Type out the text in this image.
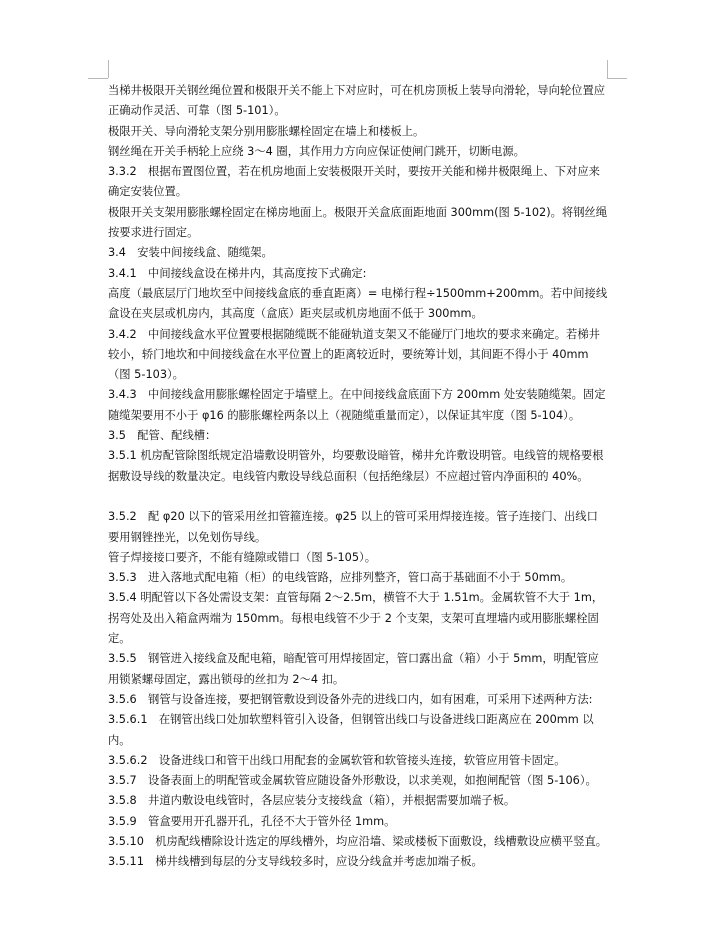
当梯井极限开关钢丝绳位置和极限开关不能上下对应时，可在机房顶板上装导向滑轮，导向轮位置应正确动作灵活、可靠（图 5-101）。

极限开关、导向滑轮支架分别用膨胀螺栓固定在墙上和楼板上。

钢丝绳在开关手柄轮上应绕 3～4 圈，其作用力方向应保证使闸门跳开，切断电源。

3.3.2　根据布置图位置，若在机房地面上安装极限开关时，要按开关能和梯井极限绳上、下对应来确定安装位置。

极限开关支架用膨胀螺栓固定在梯房地面上。极限开关盒底面距地面 300mm(图 5-102)。将钢丝绳按要求进行固定。

3.4　安装中间接线盒、随缆架。

3.4.1　中间接线盒设在梯井内，其高度按下式确定:

高度（最底层厅门地坎至中间接线盒底的垂直距离）= 电梯行程÷1500mm+200mm。若中间接线盒设在夹层或机房内，其高度（盒底）距夹层或机房地面不低于 300mm。

3.4.2　中间接线盒水平位置要根据随缆既不能碰轨道支架又不能碰厅门地坎的要求来确定。若梯井较小，轿门地坎和中间接线盒在水平位置上的距离较近时，要统筹计划，其间距不得小于 40mm（图 5-103）。

3.4.3　中间接线盒用膨胀螺栓固定于墙壁上。在中间接线盒底面下方 200mm 处安装随缆架。固定随缆架要用不小于 φ16 的膨胀螺栓两条以上（视随缆重量而定），以保证其牢度（图 5-104）。

3.5　配管、配线槽：

3.5.1 机房配管除图纸规定沿墙敷设明管外，均要敷设暗管，梯井允许敷设明管。电线管的规格要根据敷设导线的数量决定。电线管内敷设导线总面积（包括绝缘层）不应超过管内净面积的 40%。

3.5.2　配 φ20 以下的管采用丝扣管箍连接。φ25 以上的管可采用焊接连接。管子连接门、出线口要用钢锉挫光，以免划伤导线。

管子焊接接口要齐，不能有缝隙或错口（图 5-105）。

3.5.3　进入落地式配电箱（柜）的电线管路，应排列整齐，管口高于基础面不小于 50mm。

3.5.4 明配管以下各处需设支架：直管每隔 2～2.5m，横管不大于 1.51m。金属软管不大于 1m，拐弯处及出入箱盒两端为 150mm。每根电线管不少于 2 个支架，支架可直埋墙内或用膨胀螺栓固定。

3.5.5　钢管进入接线盒及配电箱，暗配管可用焊接固定，管口露出盒（箱）小于 5mm，明配管应用锁紧螺母固定，露出锁母的丝扣为 2～4 扣。

3.5.6　钢管与设备连接，要把钢管敷设到设备外壳的进线口内，如有困难，可采用下述两种方法:

3.5.6.1　在钢管出线口处加软塑料管引入设备，但钢管出线口与设备进线口距离应在 200mm 以内。

3.5.6.2　设备进线口和管干出线口用配套的金属软管和软管接头连接，软管应用管卡固定。

3.5.7　设备表面上的明配管或金属软管应随设备外形敷设，以求美观，如抱闸配管（图 5-106）。

3.5.8　井道内敷设电线管时，各层应装分支接线盒（箱），并根据需要加端子板。

3.5.9　管盒要用开孔器开孔，孔径不大于管外径 1mm。

3.5.10　机房配线槽除设计选定的厚线槽外，均应沿墙、梁或楼板下面敷设，线槽敷设应横平竖直。

3.5.11　梯井线槽到每层的分支导线较多时，应设分线盒并考虑加端子板。
